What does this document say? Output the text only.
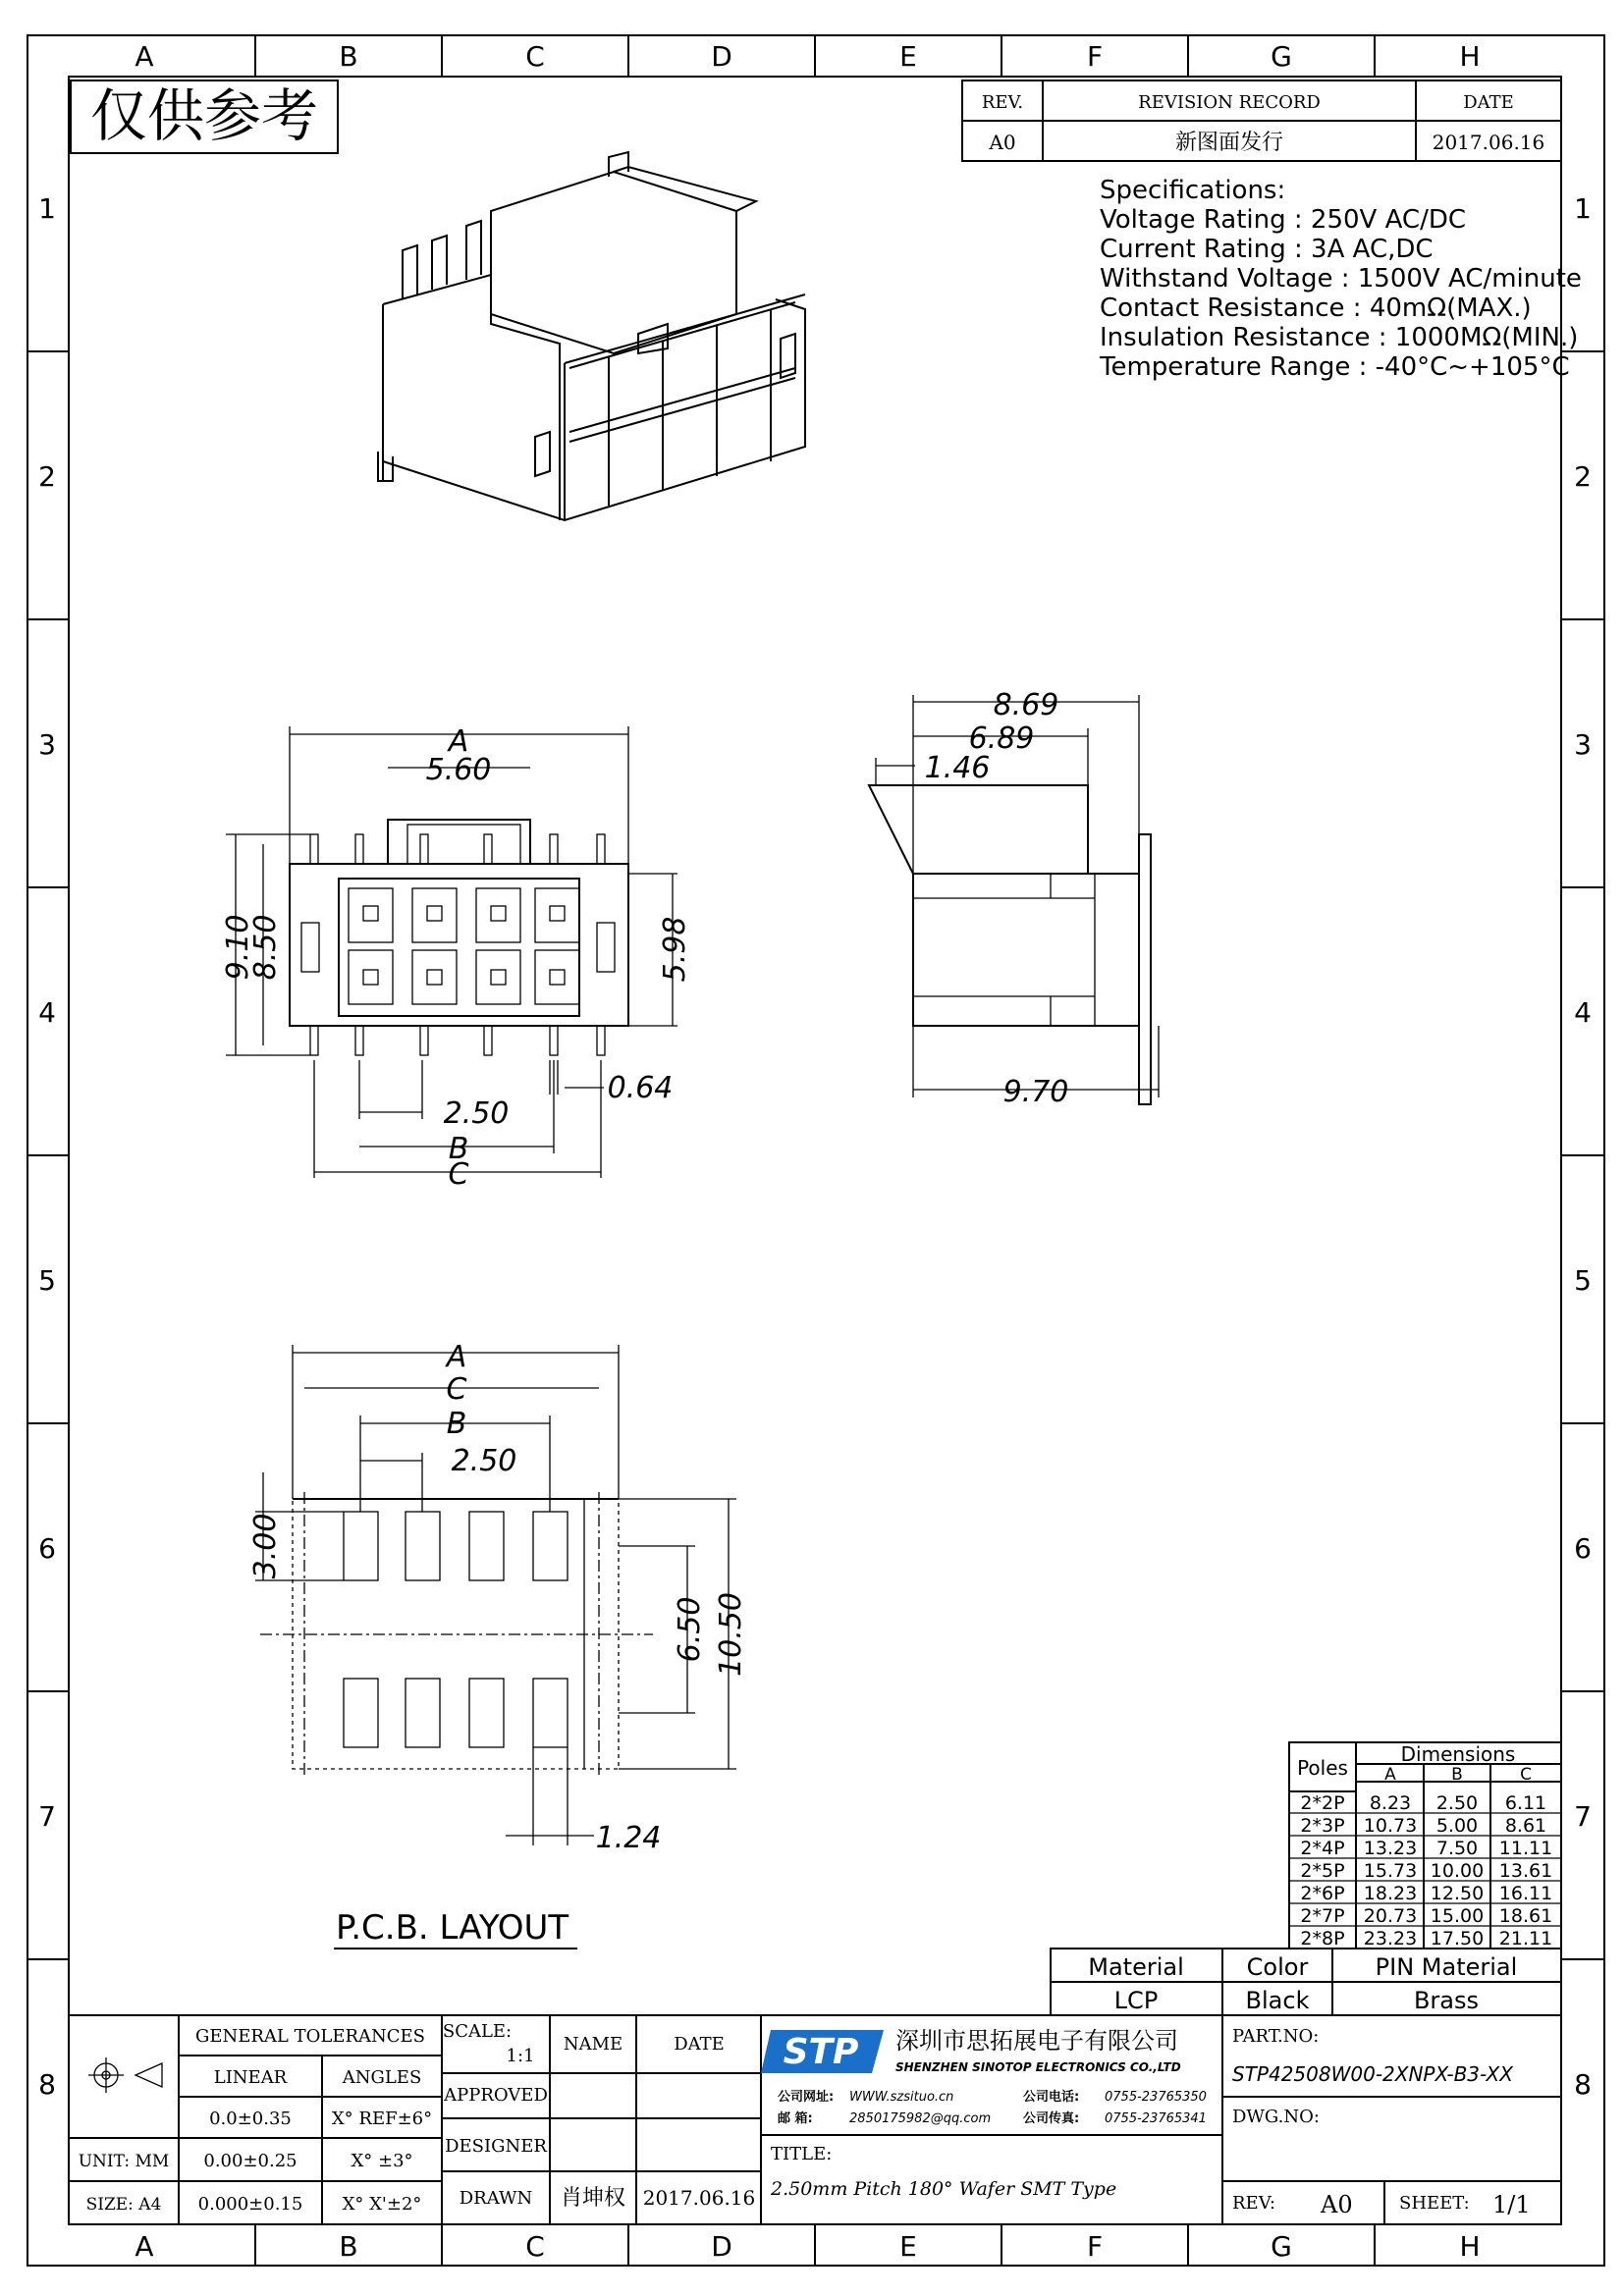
A	B	C	D	E	F	G	H
A	B	C	D	E	F	G	H
1
2
3
4
5
6
7
8
1
2
3
4
5
6
7
8
仅供参考	REV.	REVISION RECORD	DATE
A0	新图面发行	2017.06.16
Specifications:
Voltage Rating : 250V AC/DC
Current Rating : 3A AC,DC
Withstand Voltage : 1500V AC/minute
Contact Resistance : 40mΩ(MAX.)
Insulation Resistance : 1000MΩ(MIN.)
Temperature Range : -40°C~+105°C
A
5.60
9.10
8.50	5.98
2.50
B
C
0.64
8.69
6.89
1.46
9.70
A
C
B
2.50
3.00
6.50 10.50
1.24
P.C.B. LAYOUT
Poles
Dimensions
A	B	C
2*2P 8.23 2.50 6.11
2*3P 10.73 5.00 8.61
2*4P 13.23 7.50 11.11
2*5P 15.73 10.00 13.61
2*6P 18.23 12.50 16.11
2*7P 20.73 15.00 18.61
2*8P 23.23 17.50 21.11
Material	Color	PIN Material
LCP	Black	Brass
GENERAL TOLERANCES
LINEAR	ANGLES
0.0±0.35 X° REF±6°
0.00±0.25	X° ±3°
0.000±0.15 X° X'±2°
UNIT: MM
SIZE: A4
SCALE:
1:1
NAME	DATE
APPROVED
DESIGNER
DRAWN 肖坤权 2017.06.16
STP 深圳市思拓展电子有限公司
SHENZHEN SINOTOP ELECTRONICS CO.,LTD
公司网址: WWW.szsituo.cn	公司电话: 0755-23765350
邮 箱:	2850175982@qq.com	公司传真: 0755-23765341
TITLE:
2.50mm Pitch 180° Wafer SMT Type
PART.NO:
STP42508W00-2XNPX-B3-XX
DWG.NO:
REV: A0	SHEET: 1/1
